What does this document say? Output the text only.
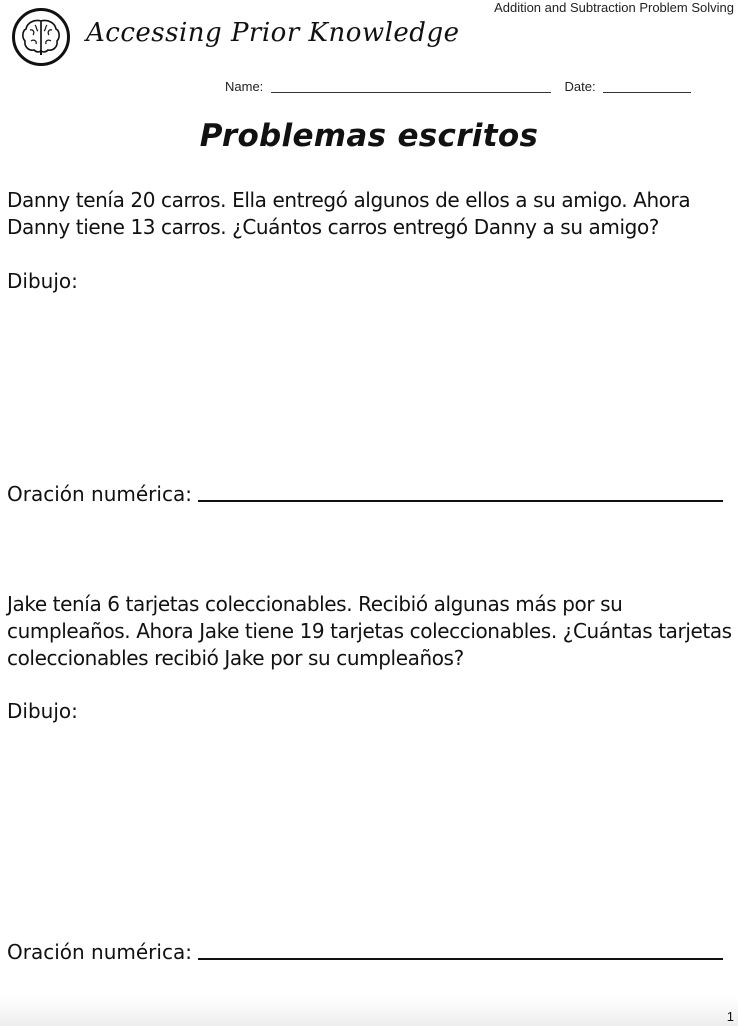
Addition and Subtraction Problem Solving
Accessing Prior Knowledge
Name:	Date:
Problemas escritos
Danny tenía 20 carros. Ella entregó algunos de ellos a su amigo. Ahora Danny tiene 13 carros. ¿Cuántos carros entregó Danny a su amigo?
Dibujo:
Oración numérica:
Jake tenía 6 tarjetas coleccionables. Recibió algunas más por su cumpleaños. Ahora Jake tiene 19 tarjetas coleccionables. ¿Cuántas tarjetas coleccionables recibió Jake por su cumpleaños?
Dibujo:
Oración numérica:
1
